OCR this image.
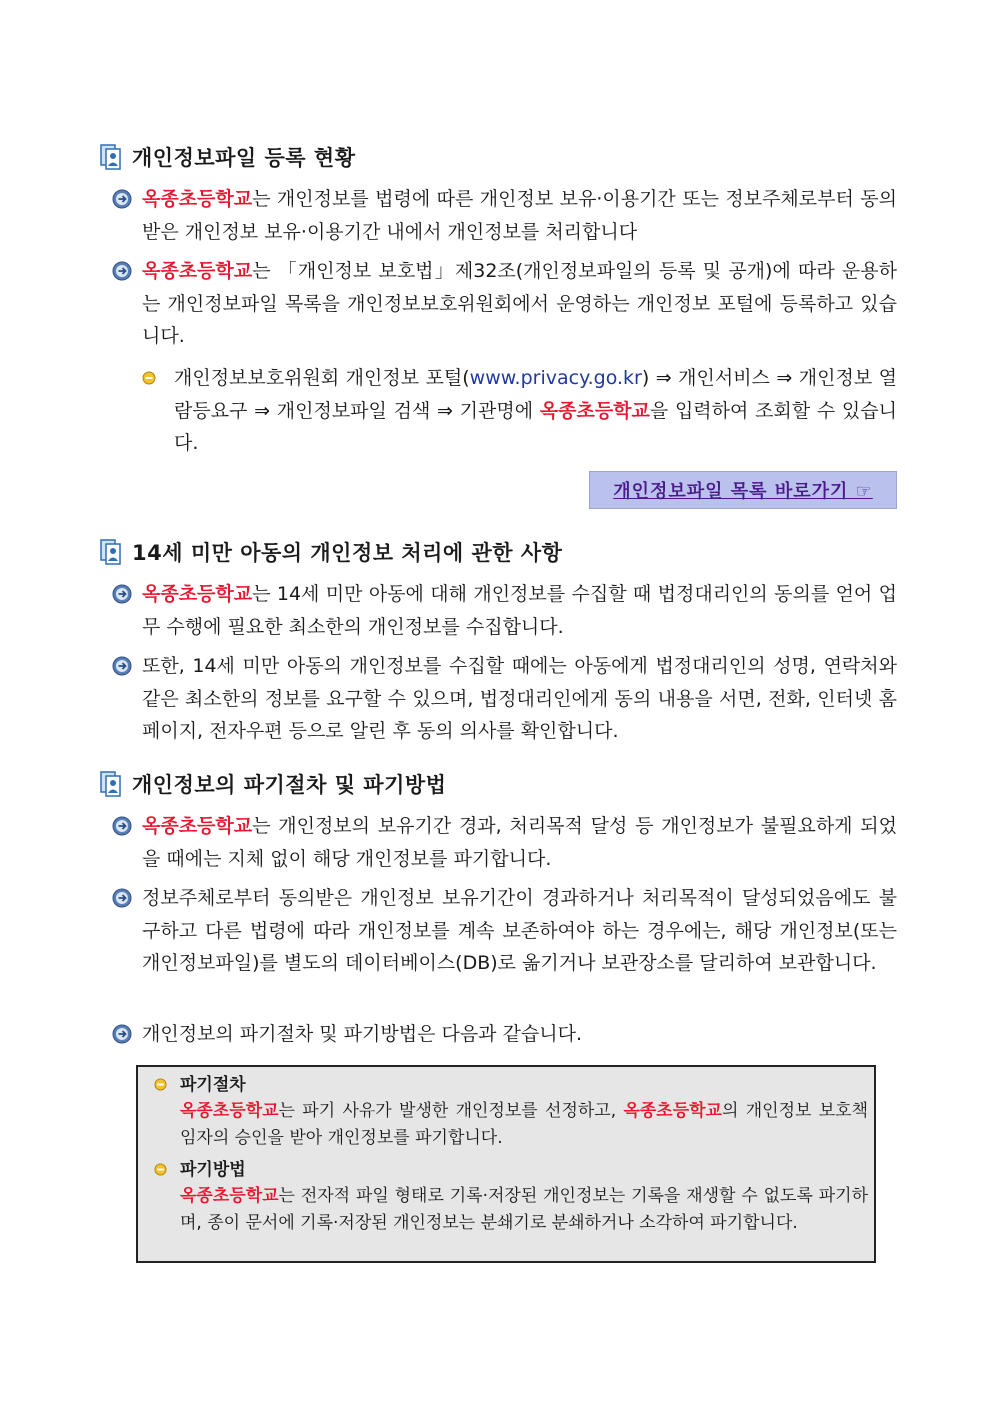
개인정보파일 등록 현황
옥종초등학교는 개인정보를 법령에 따른 개인정보 보유·이용기간 또는 정보주체로부터 동의 받은 개인정보 보유·이용기간 내에서 개인정보를 처리합니다
옥종초등학교는 「개인정보 보호법」제32조(개인정보파일의 등록 및 공개)에 따라 운용하는 개인정보파일 목록을 개인정보보호위원회에서 운영하는 개인정보 포털에 등록하고 있습니다.
개인정보보호위원회 개인정보 포털(www.privacy.go.kr) ⇒ 개인서비스 ⇒ 개인정보 열람등요구 ⇒ 개인정보파일 검색 ⇒ 기관명에 옥종초등학교을 입력하여 조회할 수 있습니다.
개인정보파일 목록 바로가기 ☞
14세 미만 아동의 개인정보 처리에 관한 사항
옥종초등학교는 14세 미만 아동에 대해 개인정보를 수집할 때 법정대리인의 동의를 얻어 업무 수행에 필요한 최소한의 개인정보를 수집합니다.
또한, 14세 미만 아동의 개인정보를 수집할 때에는 아동에게 법정대리인의 성명, 연락처와 같은 최소한의 정보를 요구할 수 있으며, 법정대리인에게 동의 내용을 서면, 전화, 인터넷 홈페이지, 전자우편 등으로 알린 후 동의 의사를 확인합니다.
개인정보의 파기절차 및 파기방법
옥종초등학교는 개인정보의 보유기간 경과, 처리목적 달성 등 개인정보가 불필요하게 되었을 때에는 지체 없이 해당 개인정보를 파기합니다.
정보주체로부터 동의받은 개인정보 보유기간이 경과하거나 처리목적이 달성되었음에도 불구하고 다른 법령에 따라 개인정보를 계속 보존하여야 하는 경우에는, 해당 개인정보(또는 개인정보파일)를 별도의 데이터베이스(DB)로 옮기거나 보관장소를 달리하여 보관합니다.
개인정보의 파기절차 및 파기방법은 다음과 같습니다.
파기절차
옥종초등학교는 파기 사유가 발생한 개인정보를 선정하고, 옥종초등학교의 개인정보 보호책임자의 승인을 받아 개인정보를 파기합니다.
파기방법
옥종초등학교는 전자적 파일 형태로 기록·저장된 개인정보는 기록을 재생할 수 없도록 파기하며, 종이 문서에 기록·저장된 개인정보는 분쇄기로 분쇄하거나 소각하여 파기합니다.
